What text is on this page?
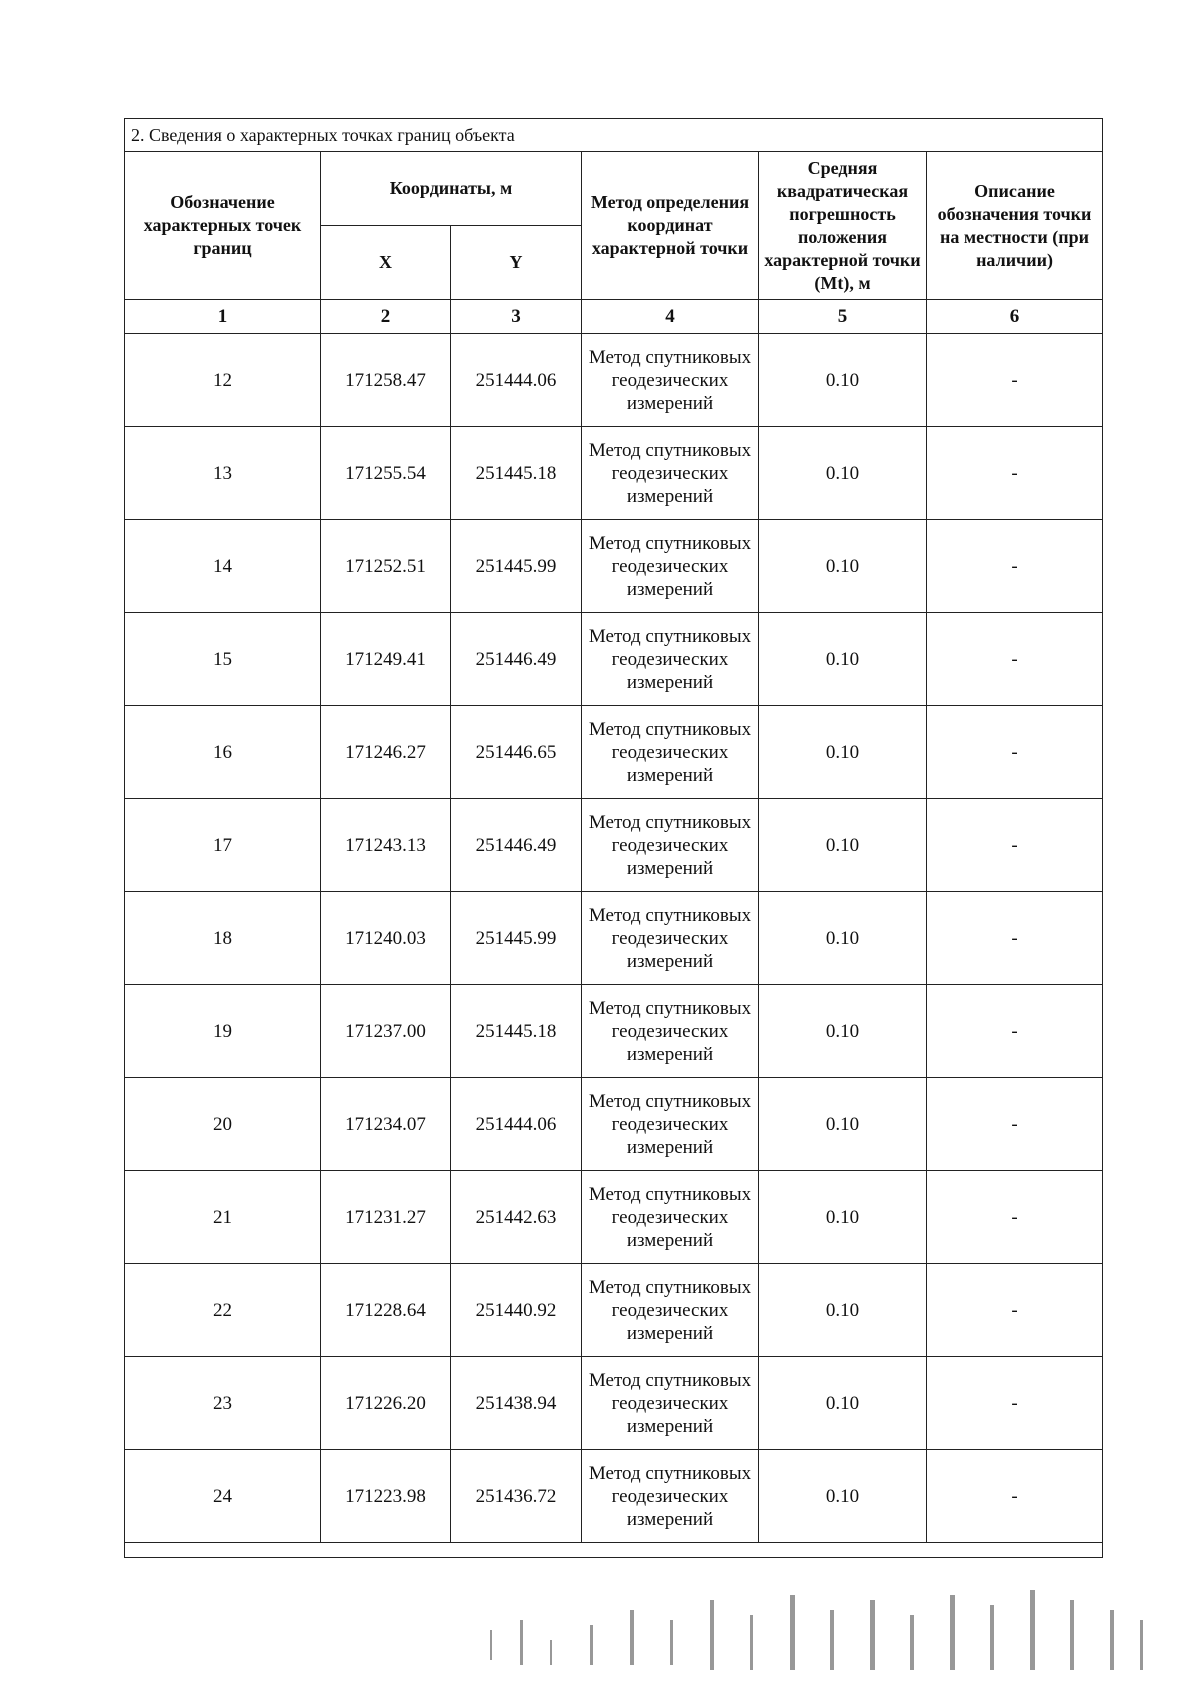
2. Сведения о характерных точках границ объекта					
Обозначение характерных точек границ	Координаты, м		Метод определения координат характерной точки	Средняя квадратическая погрешность положения характерной точки (Mt), м	Описание обозначения точки на местности (при наличии)
	X	Y			
1	2	3	4	5	6
12	171258.47	251444.06	Метод спутниковых геодезических измерений	0.10	-
13	171255.54	251445.18	Метод спутниковых геодезических измерений	0.10	-
14	171252.51	251445.99	Метод спутниковых геодезических измерений	0.10	-
15	171249.41	251446.49	Метод спутниковых геодезических измерений	0.10	-
16	171246.27	251446.65	Метод спутниковых геодезических измерений	0.10	-
17	171243.13	251446.49	Метод спутниковых геодезических измерений	0.10	-
18	171240.03	251445.99	Метод спутниковых геодезических измерений	0.10	-
19	171237.00	251445.18	Метод спутниковых геодезических измерений	0.10	-
20	171234.07	251444.06	Метод спутниковых геодезических измерений	0.10	-
21	171231.27	251442.63	Метод спутниковых геодезических измерений	0.10	-
22	171228.64	251440.92	Метод спутниковых геодезических измерений	0.10	-
23	171226.20	251438.94	Метод спутниковых геодезических измерений	0.10	-
24	171223.98	251436.72	Метод спутниковых геодезических измерений	0.10	-
